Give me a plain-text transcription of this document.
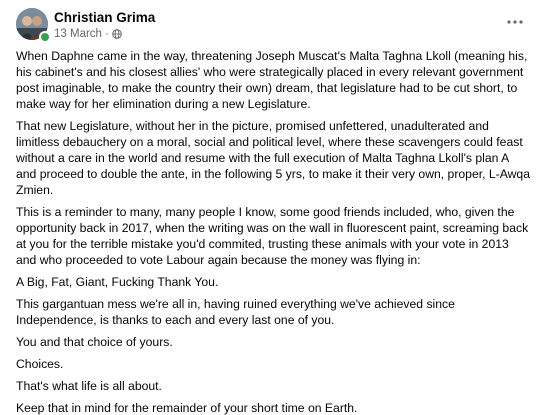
Christian Grima
13 March ·

When Daphne came in the way, threatening Joseph Muscat's Malta Taghna Lkoll (meaning his, his cabinet's and his closest allies' who were strategically placed in every relevant government post imaginable, to make the country their own) dream, that legislature had to be cut short, to make way for her elimination during a new Legislature.

That new Legislature, without her in the picture, promised unfettered, unadulterated and limitless debauchery on a moral, social and political level, where these scavengers could feast without a care in the world and resume with the full execution of Malta Taghna Lkoll's plan A and proceed to double the ante, in the following 5 yrs, to make it their very own, proper, L-Awqa Zmien.

This is a reminder to many, many people I know, some good friends included, who, given the opportunity back in 2017, when the writing was on the wall in fluorescent paint, screaming back at you for the terrible mistake you'd commited, trusting these animals with your vote in 2013 and who proceeded to vote Labour again because the money was flying in:

A Big, Fat, Giant, Fucking Thank You.

This gargantuan mess we're all in, having ruined everything we've achieved since Independence, is thanks to each and every last one of you.

You and that choice of yours.

Choices.

That's what life is all about.

Keep that in mind for the remainder of your short time on Earth.
